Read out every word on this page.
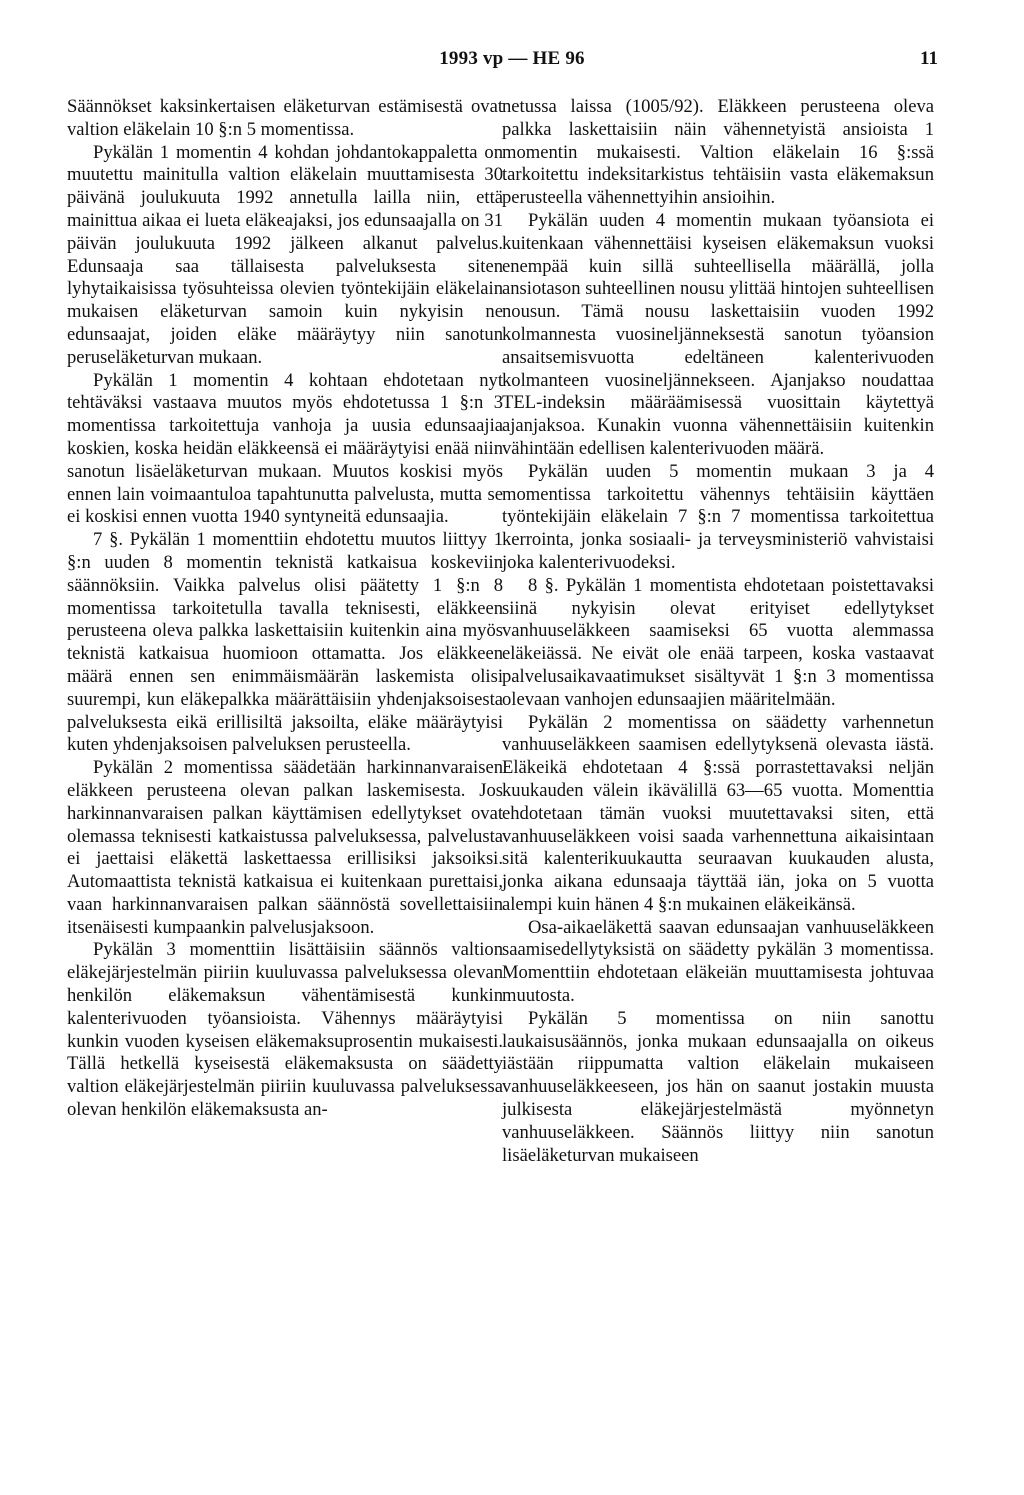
1993 vp — HE 96	11

Säännökset kaksinkertaisen eläketurvan estämisestä ovat valtion eläkelain 10 §:n 5 momentissa.

Pykälän 1 momentin 4 kohdan johdantokappaletta on muutettu mainitulla valtion eläkelain muuttamisesta 30 päivänä joulukuuta 1992 annetulla lailla niin, että mainittua aikaa ei lueta eläkeajaksi, jos edunsaajalla on 31 päivän joulukuuta 1992 jälkeen alkanut palvelus. Edunsaaja saa tällaisesta palveluksesta siten lyhytaikaisissa työsuhteissa olevien työntekijäin eläkelain mukaisen eläketurvan samoin kuin nykyisin ne edunsaajat, joiden eläke määräytyy niin sanotun peruseläketurvan mukaan.

Pykälän 1 momentin 4 kohtaan ehdotetaan nyt tehtäväksi vastaava muutos myös ehdotetussa 1 §:n 3 momentissa tarkoitettuja vanhoja ja uusia edunsaajia koskien, koska heidän eläkkeensä ei määräytyisi enää niin sanotun lisäeläketurvan mukaan. Muutos koskisi myös ennen lain voimaantuloa tapahtunutta palvelusta, mutta se ei koskisi ennen vuotta 1940 syntyneitä edunsaajia.

7 §. Pykälän 1 momenttiin ehdotettu muutos liittyy 1 §:n uuden 8 momentin teknistä katkaisua koskeviin säännöksiin. Vaikka palvelus olisi päätetty 1 §:n 8 momentissa tarkoitetulla tavalla teknisesti, eläkkeen perusteena oleva palkka laskettaisiin kuitenkin aina myös teknistä katkaisua huomioon ottamatta. Jos eläkkeen määrä ennen sen enimmäismäärän laskemista olisi suurempi, kun eläkepalkka määrättäisiin yhdenjaksoisesta palveluksesta eikä erillisiltä jaksoilta, eläke määräytyisi kuten yhdenjaksoisen palveluksen perusteella.

Pykälän 2 momentissa säädetään harkinnanvaraisen eläkkeen perusteena olevan palkan laskemisesta. Jos harkinnanvaraisen palkan käyttämisen edellytykset ovat olemassa teknisesti katkaistussa palveluksessa, palvelusta ei jaettaisi eläkettä laskettaessa erillisiksi jaksoiksi. Automaattista teknistä katkaisua ei kuitenkaan purettaisi, vaan harkinnanvaraisen palkan säännöstä sovellettaisiin itsenäisesti kumpaankin palvelusjaksoon.

Pykälän 3 momenttiin lisättäisiin säännös valtion eläkejärjestelmän piiriin kuuluvassa palveluksessa olevan henkilön eläkemaksun vähentämisestä kunkin kalenterivuoden työansioista. Vähennys määräytyisi kunkin vuoden kyseisen eläkemaksuprosentin mukaisesti. Tällä hetkellä kyseisestä eläkemaksusta on säädetty valtion eläkejärjestelmän piiriin kuuluvassa palveluksessa olevan henkilön eläkemaksusta an-

netussa laissa (1005/92). Eläkkeen perusteena oleva palkka laskettaisiin näin vähennetyistä ansioista 1 momentin mukaisesti. Valtion eläkelain 16 §:ssä tarkoitettu indeksitarkistus tehtäisiin vasta eläkemaksun perusteella vähennettyihin ansioihin.

Pykälän uuden 4 momentin mukaan työansiota ei kuitenkaan vähennettäisi kyseisen eläkemaksun vuoksi enempää kuin sillä suhteellisella määrällä, jolla ansiotason suhteellinen nousu ylittää hintojen suhteellisen nousun. Tämä nousu laskettaisiin vuoden 1992 kolmannesta vuosineljänneksestä sanotun työansion ansaitsemisvuotta edeltäneen kalenterivuoden kolmanteen vuosineljännekseen. Ajanjakso noudattaa TEL-indeksin määräämisessä vuosittain käytettyä ajanjaksoa. Kunakin vuonna vähennettäisiin kuitenkin vähintään edellisen kalenterivuoden määrä.

Pykälän uuden 5 momentin mukaan 3 ja 4 momentissa tarkoitettu vähennys tehtäisiin käyttäen työntekijäin eläkelain 7 §:n 7 momentissa tarkoitettua kerrointa, jonka sosiaali- ja terveysministeriö vahvistaisi joka kalenterivuodeksi.

8 §. Pykälän 1 momentista ehdotetaan poistettavaksi siinä nykyisin olevat erityiset edellytykset vanhuuseläkkeen saamiseksi 65 vuotta alemmassa eläkeiässä. Ne eivät ole enää tarpeen, koska vastaavat palvelusaikavaatimukset sisältyvät 1 §:n 3 momentissa olevaan vanhojen edunsaajien määritelmään.

Pykälän 2 momentissa on säädetty varhennetun vanhuuseläkkeen saamisen edellytyksenä olevasta iästä. Eläkeikä ehdotetaan 4 §:ssä porrastettavaksi neljän kuukauden välein ikävälillä 63—65 vuotta. Momenttia ehdotetaan tämän vuoksi muutettavaksi siten, että vanhuuseläkkeen voisi saada varhennettuna aikaisintaan sitä kalenterikuukautta seuraavan kuukauden alusta, jonka aikana edunsaaja täyttää iän, joka on 5 vuotta alempi kuin hänen 4 §:n mukainen eläkeikänsä.

Osa-aikaeläkettä saavan edunsaajan vanhuuseläkkeen saamisedellytyksistä on säädetty pykälän 3 momentissa. Momenttiin ehdotetaan eläkeiän muuttamisesta johtuvaa muutosta.

Pykälän 5 momentissa on niin sanottu laukaisusäännös, jonka mukaan edunsaajalla on oikeus iästään riippumatta valtion eläkelain mukaiseen vanhuuseläkkeeseen, jos hän on saanut jostakin muusta julkisesta eläkejärjestelmästä myönnetyn vanhuuseläkkeen. Säännös liittyy niin sanotun lisäeläketurvan mukaiseen
